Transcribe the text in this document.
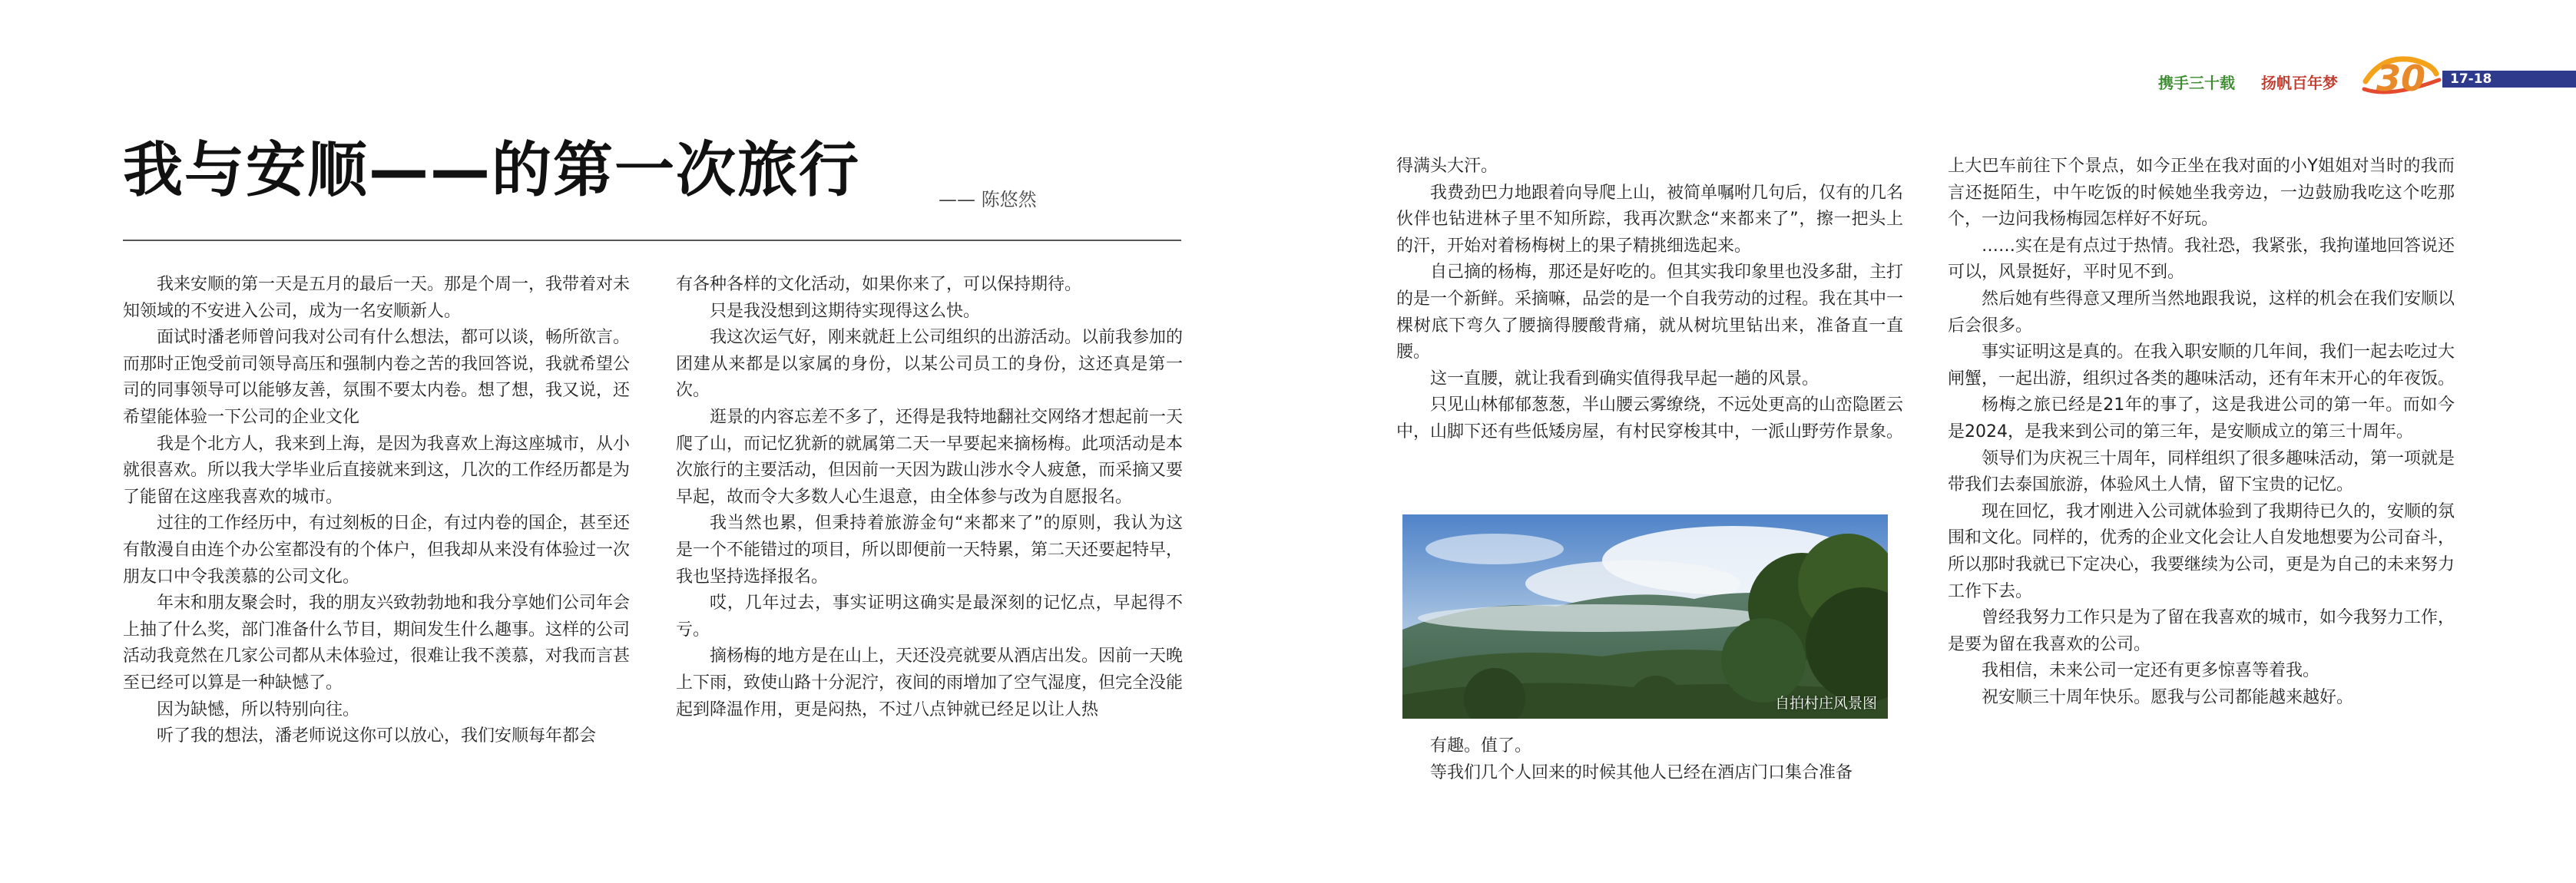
携手三十载 扬帆百年梦 30 17-18
我与安顺——的第一次旅行	—— 陈悠然

我来安顺的第一天是五月的最后一天。那是个周一，我带着对未知领域的不安进入公司，成为一名安顺新人。

面试时潘老师曾问我对公司有什么想法，都可以谈，畅所欲言。而那时正饱受前司领导高压和强制内卷之苦的我回答说，我就希望公司的同事领导可以能够友善，氛围不要太内卷。想了想，我又说，还希望能体验一下公司的企业文化

我是个北方人，我来到上海，是因为我喜欢上海这座城市，从小就很喜欢。所以我大学毕业后直接就来到这，几次的工作经历都是为了能留在这座我喜欢的城市。

过往的工作经历中，有过刻板的日企，有过内卷的国企，甚至还有散漫自由连个办公室都没有的个体户，但我却从来没有体验过一次朋友口中令我羡慕的公司文化。

年末和朋友聚会时，我的朋友兴致勃勃地和我分享她们公司年会上抽了什么奖，部门准备什么节目，期间发生什么趣事。这样的公司活动我竟然在几家公司都从未体验过，很难让我不羡慕，对我而言甚至已经可以算是一种缺憾了。

因为缺憾，所以特别向往。

听了我的想法，潘老师说这你可以放心，我们安顺每年都会

有各种各样的文化活动，如果你来了，可以保持期待。

只是我没想到这期待实现得这么快。

我这次运气好，刚来就赶上公司组织的出游活动。以前我参加的团建从来都是以家属的身份，以某公司员工的身份，这还真是第一次。

逛景的内容忘差不多了，还得是我特地翻社交网络才想起前一天爬了山，而记忆犹新的就属第二天一早要起来摘杨梅。此项活动是本次旅行的主要活动，但因前一天因为跋山涉水令人疲惫，而采摘又要早起，故而令大多数人心生退意，由全体参与改为自愿报名。

我当然也累，但秉持着旅游金句“来都来了”的原则，我认为这是一个不能错过的项目，所以即便前一天特累，第二天还要起特早，我也坚持选择报名。

哎，几年过去，事实证明这确实是最深刻的记忆点，早起得不亏。

摘杨梅的地方是在山上，天还没亮就要从酒店出发。因前一天晚上下雨，致使山路十分泥泞，夜间的雨增加了空气湿度，但完全没能起到降温作用，更是闷热，不过八点钟就已经足以让人热

得满头大汗。

我费劲巴力地跟着向导爬上山，被简单嘱咐几句后，仅有的几名伙伴也钻进林子里不知所踪，我再次默念“来都来了”，擦一把头上的汗，开始对着杨梅树上的果子精挑细选起来。

自己摘的杨梅，那还是好吃的。但其实我印象里也没多甜，主打的是一个新鲜。采摘嘛，品尝的是一个自我劳动的过程。我在其中一棵树底下弯久了腰摘得腰酸背痛，就从树坑里钻出来，准备直一直腰。

这一直腰，就让我看到确实值得我早起一趟的风景。

只见山林郁郁葱葱，半山腰云雾缭绕，不远处更高的山峦隐匿云中，山脚下还有些低矮房屋，有村民穿梭其中，一派山野劳作景象。

自拍村庄风景图

有趣。值了。

等我们几个人回来的时候其他人已经在酒店门口集合准备

上大巴车前往下个景点，如今正坐在我对面的小Y姐姐对当时的我而言还挺陌生，中午吃饭的时候她坐我旁边，一边鼓励我吃这个吃那个，一边问我杨梅园怎样好不好玩。

……实在是有点过于热情。我社恐，我紧张，我拘谨地回答说还可以，风景挺好，平时见不到。

然后她有些得意又理所当然地跟我说，这样的机会在我们安顺以后会很多。

事实证明这是真的。在我入职安顺的几年间，我们一起去吃过大闸蟹，一起出游，组织过各类的趣味活动，还有年末开心的年夜饭。

杨梅之旅已经是21年的事了，这是我进公司的第一年。而如今是2024，是我来到公司的第三年，是安顺成立的第三十周年。

领导们为庆祝三十周年，同样组织了很多趣味活动，第一项就是带我们去泰国旅游，体验风土人情，留下宝贵的记忆。

现在回忆，我才刚进入公司就体验到了我期待已久的，安顺的氛围和文化。同样的，优秀的企业文化会让人自发地想要为公司奋斗，所以那时我就已下定决心，我要继续为公司，更是为自己的未来努力工作下去。

曾经我努力工作只是为了留在我喜欢的城市，如今我努力工作，是要为留在我喜欢的公司。

我相信，未来公司一定还有更多惊喜等着我。

祝安顺三十周年快乐。愿我与公司都能越来越好。
